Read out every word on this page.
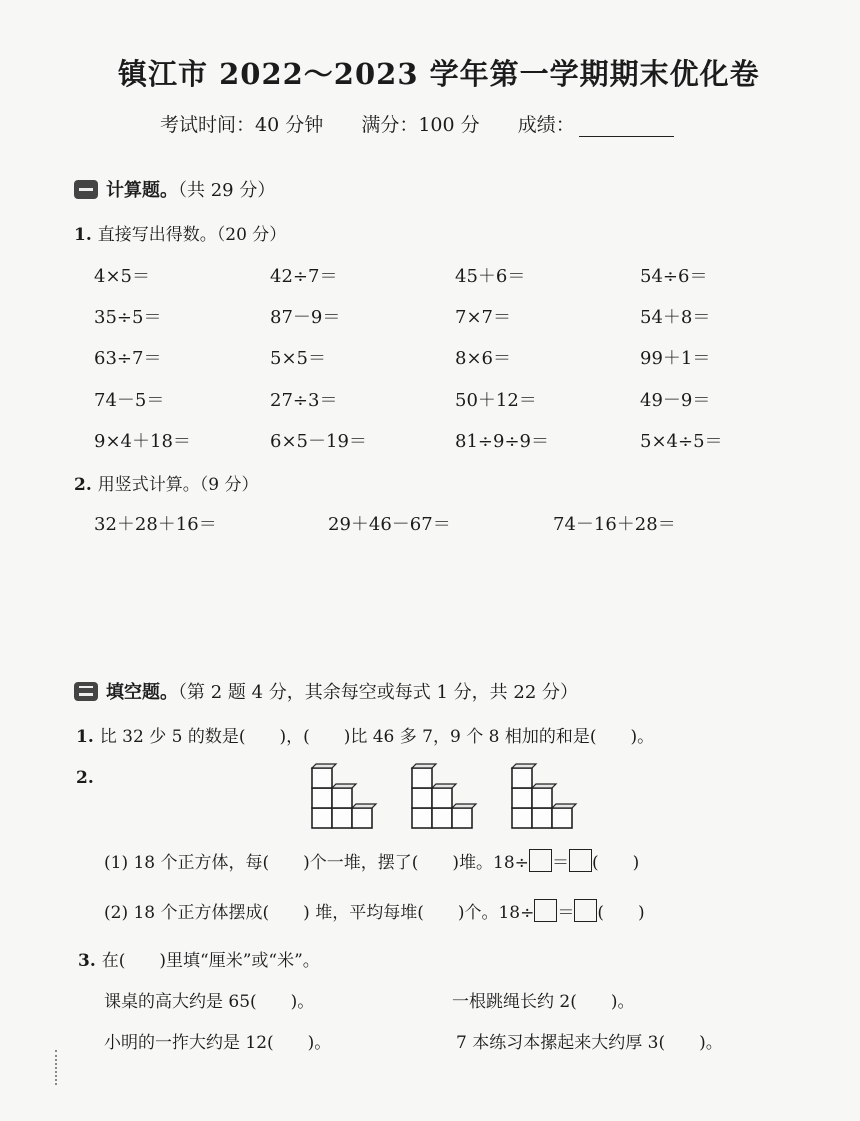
镇江市 2022～2023 学年第一学期期末优化卷
考试时间：40 分钟 满分：100 分 成绩：
计算题。（共 29 分）
1. 直接写出得数。（20 分）
4×5＝	42÷7＝	45＋6＝	54÷6＝
35÷5＝	87－9＝	7×7＝	54＋8＝
63÷7＝	5×5＝	8×6＝	99＋1＝
74－5＝	27÷3＝	50＋12＝	49－9＝
9×4＋18＝	6×5－19＝	81÷9÷9＝	5×4÷5＝
2. 用竖式计算。（9 分）
32＋28＋16＝	29＋46－67＝	74－16＋28＝
填空题。（第 2 题 4 分，其余每空或每式 1 分，共 22 分）
1. 比 32 少 5 的数是(　　)，(　　)比 46 多 7，9 个 8 相加的和是(　　)。
2.
(1) 18 个正方体，每(　　)个一堆，摆了(　　)堆。18÷ ＝ (　　)
(2) 18 个正方体摆成(　　) 堆，平均每堆(　　)个。18÷ ＝ (　　)
3. 在(　　)里填“厘米”或“米”。
课桌的高大约是 65(　　)。	一根跳绳长约 2(　　)。
小明的一拃大约是 12(　　)。	7 本练习本摞起来大约厚 3(　　)。
